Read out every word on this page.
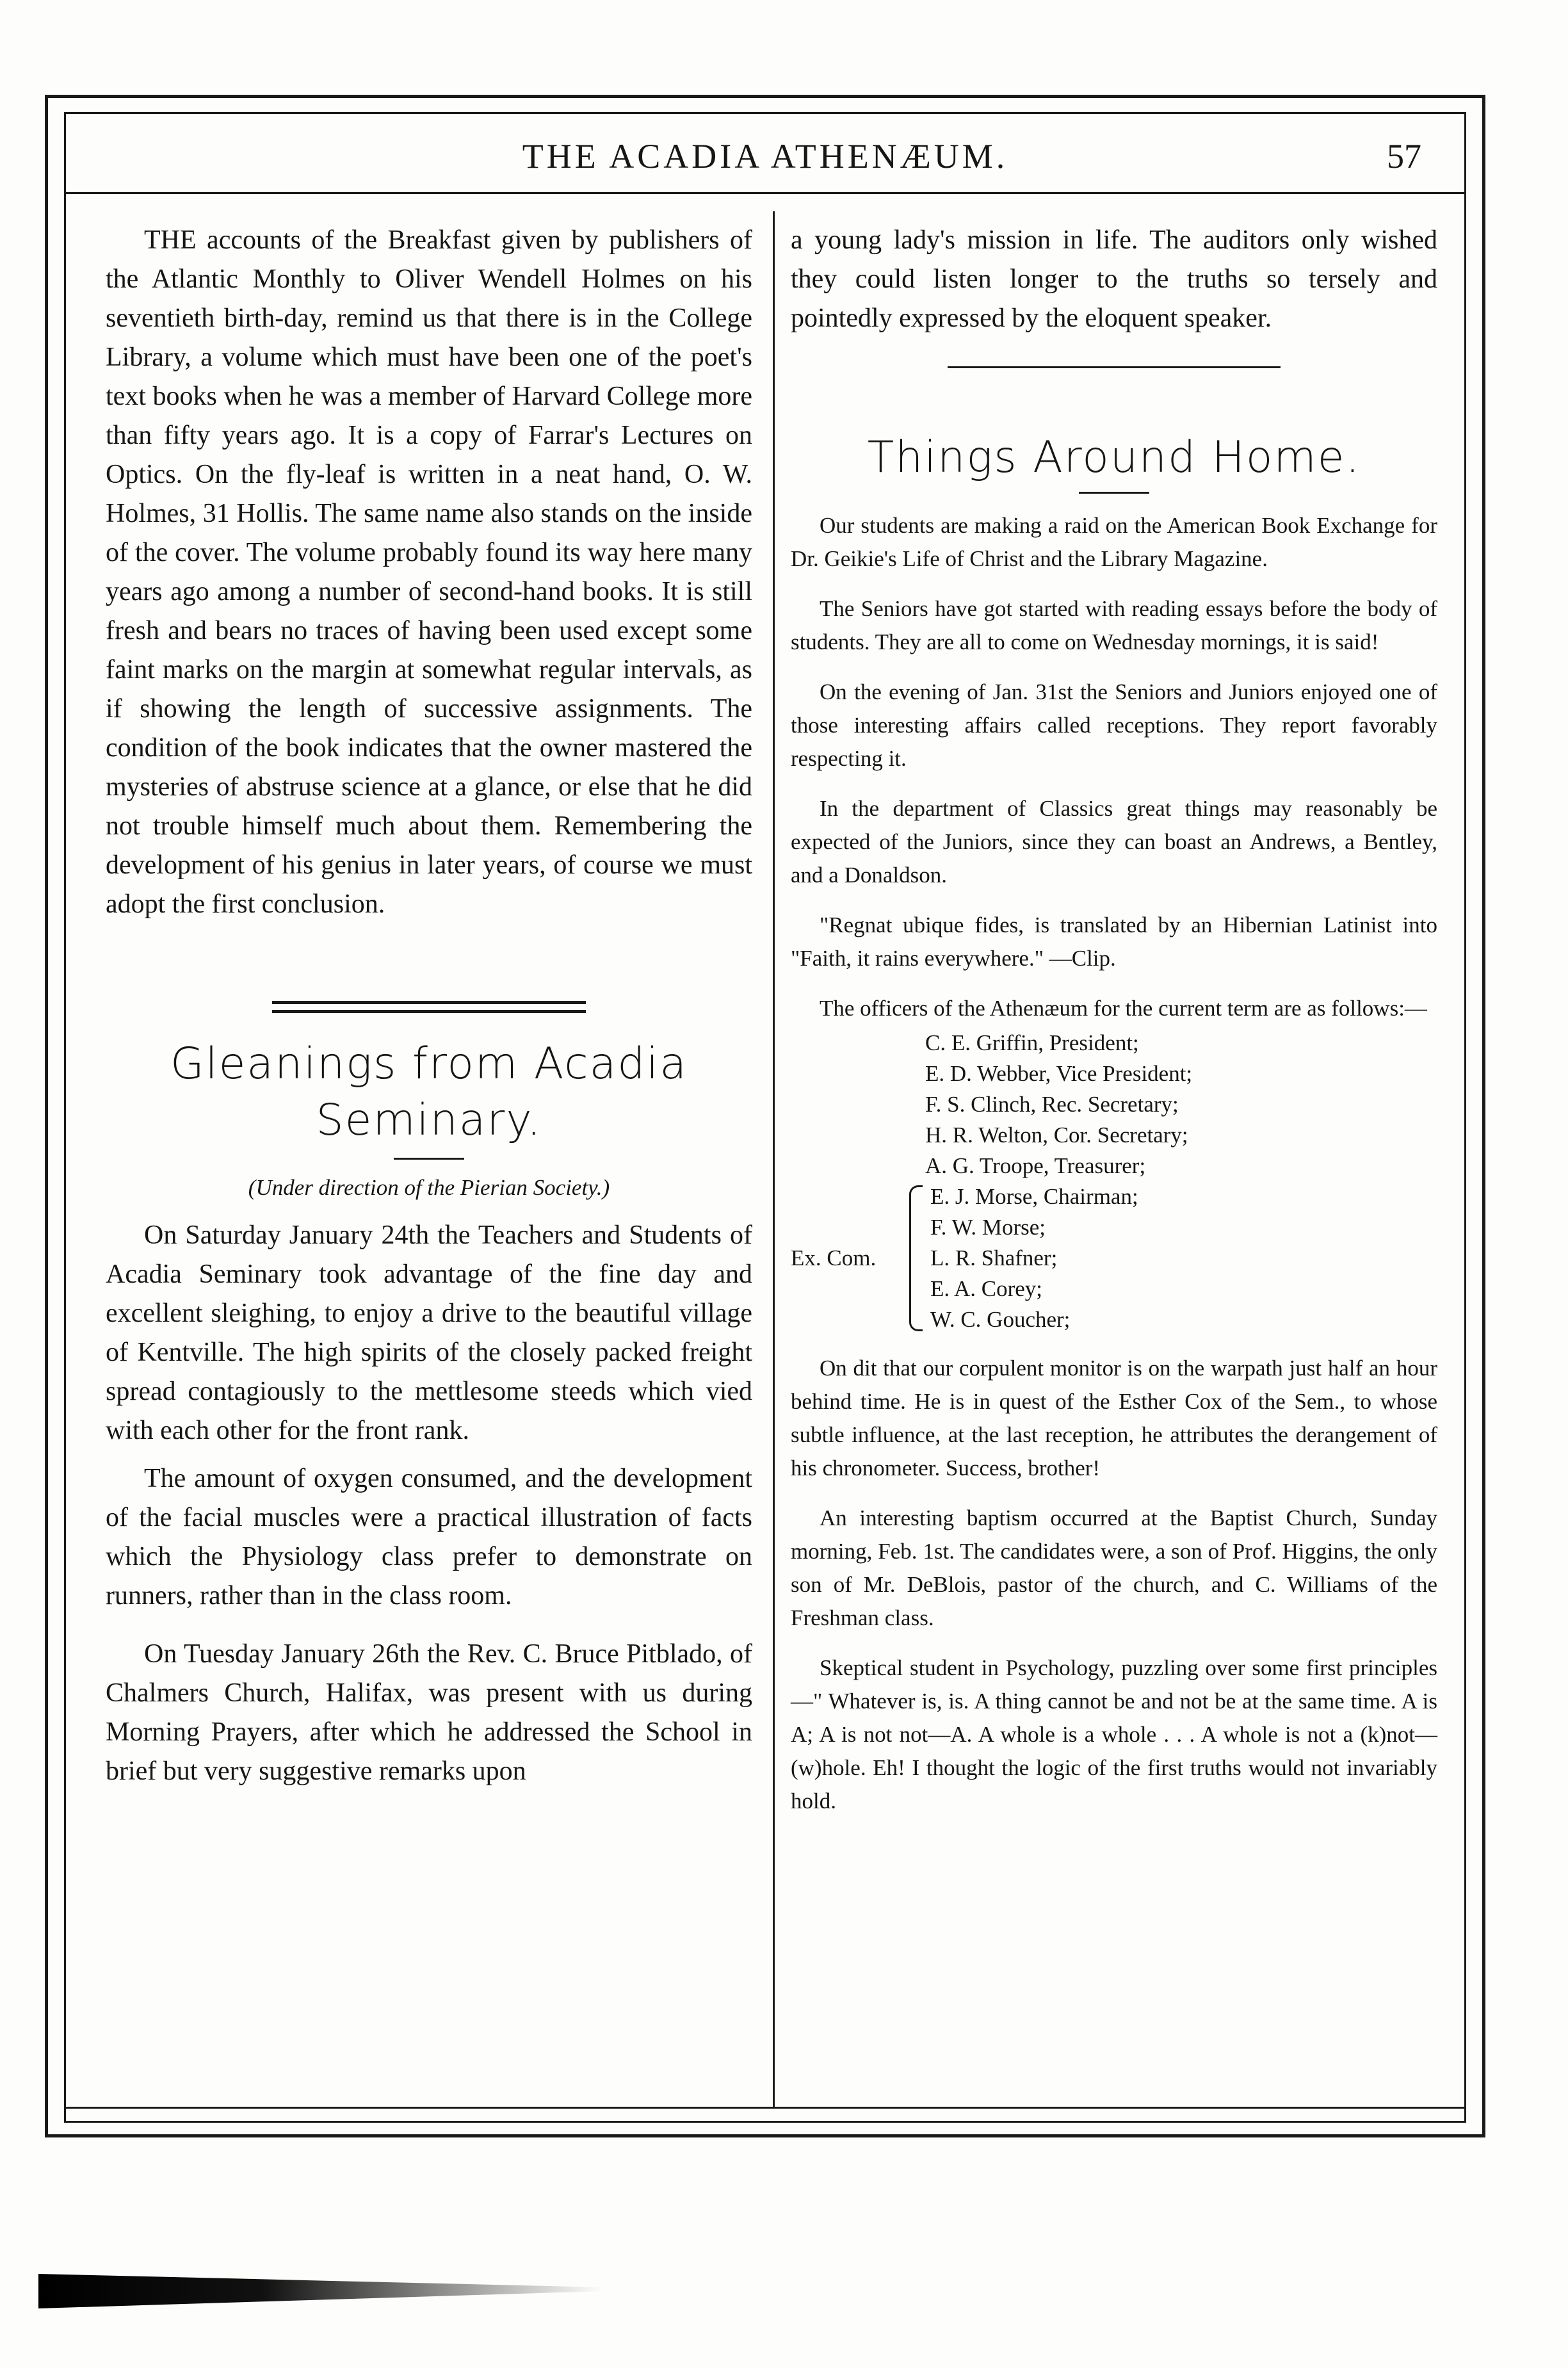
THE ACADIA ATHENÆUM.	57

THE accounts of the Breakfast given by publishers of the Atlantic Monthly to Oliver Wendell Holmes on his seventieth birth-day, remind us that there is in the College Library, a volume which must have been one of the poet's text books when he was a member of Harvard College more than fifty years ago. It is a copy of Farrar's Lectures on Optics. On the fly-leaf is written in a neat hand, O. W. Holmes, 31 Hollis. The same name also stands on the inside of the cover. The volume probably found its way here many years ago among a number of second-hand books. It is still fresh and bears no traces of having been used except some faint marks on the margin at somewhat regular intervals, as if showing the length of successive assignments. The condition of the book indicates that the owner mastered the mysteries of abstruse science at a glance, or else that he did not trouble himself much about them. Remembering the development of his genius in later years, of course we must adopt the first conclusion.

Gleanings from Acadia Seminary.
(Under direction of the Pierian Society.)

On Saturday January 24th the Teachers and Students of Acadia Seminary took advantage of the fine day and excellent sleighing, to enjoy a drive to the beautiful village of Kentville. The high spirits of the closely packed freight spread contagiously to the mettlesome steeds which vied with each other for the front rank.

The amount of oxygen consumed, and the development of the facial muscles were a practical illustration of facts which the Physiology class prefer to demonstrate on runners, rather than in the class room.

On Tuesday January 26th the Rev. C. Bruce Pitblado, of Chalmers Church, Halifax, was present with us during Morning Prayers, after which he addressed the School in brief but very suggestive remarks upon

a young lady's mission in life. The auditors only wished they could listen longer to the truths so tersely and pointedly expressed by the eloquent speaker.

Things Around Home.

Our students are making a raid on the American Book Exchange for Dr. Geikie's Life of Christ and the Library Magazine.

The Seniors have got started with reading essays before the body of students. They are all to come on Wednesday mornings, it is said!

On the evening of Jan. 31st the Seniors and Juniors enjoyed one of those interesting affairs called receptions. They report favorably respecting it.

In the department of Classics great things may reasonably be expected of the Juniors, since they can boast an Andrews, a Bentley, and a Donaldson.

"Regnat ubique fides, is translated by an Hibernian Latinist into "Faith, it rains everywhere." —Clip.

The officers of the Athenæum for the current term are as follows:—

C. E. Griffin, President;
E. D. Webber, Vice President;
F. S. Clinch, Rec. Secretary;
H. R. Welton, Cor. Secretary;
A. G. Troope, Treasurer;
Ex. Com.
E. J. Morse, Chairman;
F. W. Morse;
L. R. Shafner;
E. A. Corey;
W. C. Goucher;

On dit that our corpulent monitor is on the warpath just half an hour behind time. He is in quest of the Esther Cox of the Sem., to whose subtle influence, at the last reception, he attributes the derangement of his chronometer. Success, brother!

An interesting baptism occurred at the Baptist Church, Sunday morning, Feb. 1st. The candidates were, a son of Prof. Higgins, the only son of Mr. DeBlois, pastor of the church, and C. Williams of the Freshman class.

Skeptical student in Psychology, puzzling over some first principles—" Whatever is, is. A thing cannot be and not be at the same time. A is A; A is not not—A. A whole is a whole . . . A whole is not a (k)not—(w)hole. Eh! I thought the logic of the first truths would not invariably hold.
